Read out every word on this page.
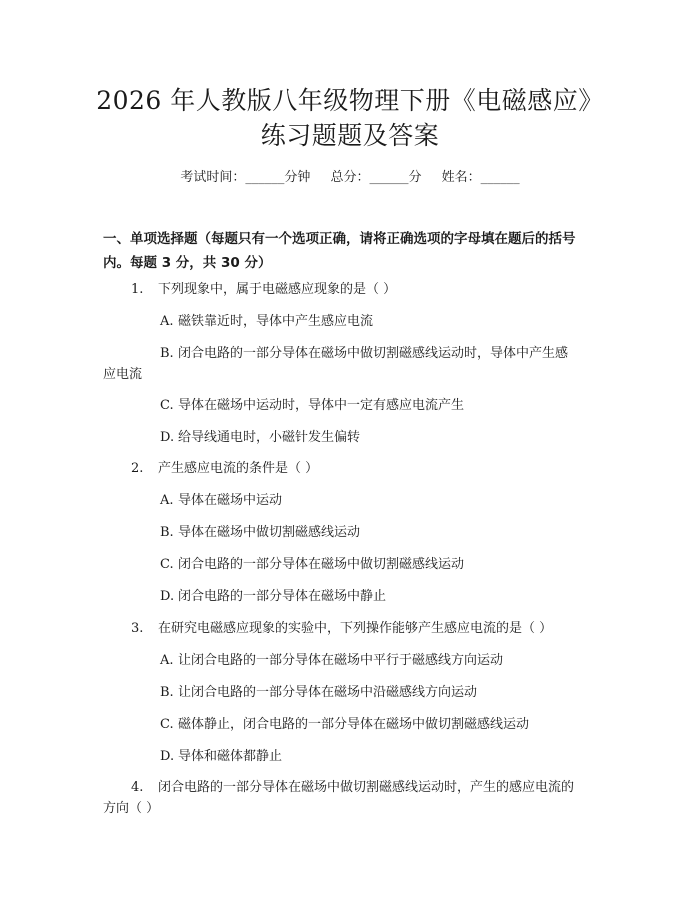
2026 年人教版八年级物理下册《电磁感应》
练习题题及答案
考试时间：______分钟 总分：______分 姓名：______
一、单项选择题（每题只有一个选项正确，请将正确选项的字母填在题后的括号内。每题 3 分，共 30 分）
1. 下列现象中，属于电磁感应现象的是（ ）
A. 磁铁靠近时，导体中产生感应电流
B. 闭合电路的一部分导体在磁场中做切割磁感线运动时，导体中产生感
应电流
C. 导体在磁场中运动时，导体中一定有感应电流产生
D. 给导线通电时，小磁针发生偏转
2. 产生感应电流的条件是（ ）
A. 导体在磁场中运动
B. 导体在磁场中做切割磁感线运动
C. 闭合电路的一部分导体在磁场中做切割磁感线运动
D. 闭合电路的一部分导体在磁场中静止
3. 在研究电磁感应现象的实验中，下列操作能够产生感应电流的是（ ）
A. 让闭合电路的一部分导体在磁场中平行于磁感线方向运动
B. 让闭合电路的一部分导体在磁场中沿磁感线方向运动
C. 磁体静止，闭合电路的一部分导体在磁场中做切割磁感线运动
D. 导体和磁体都静止
4. 闭合电路的一部分导体在磁场中做切割磁感线运动时，产生的感应电流的
方向（ ）
